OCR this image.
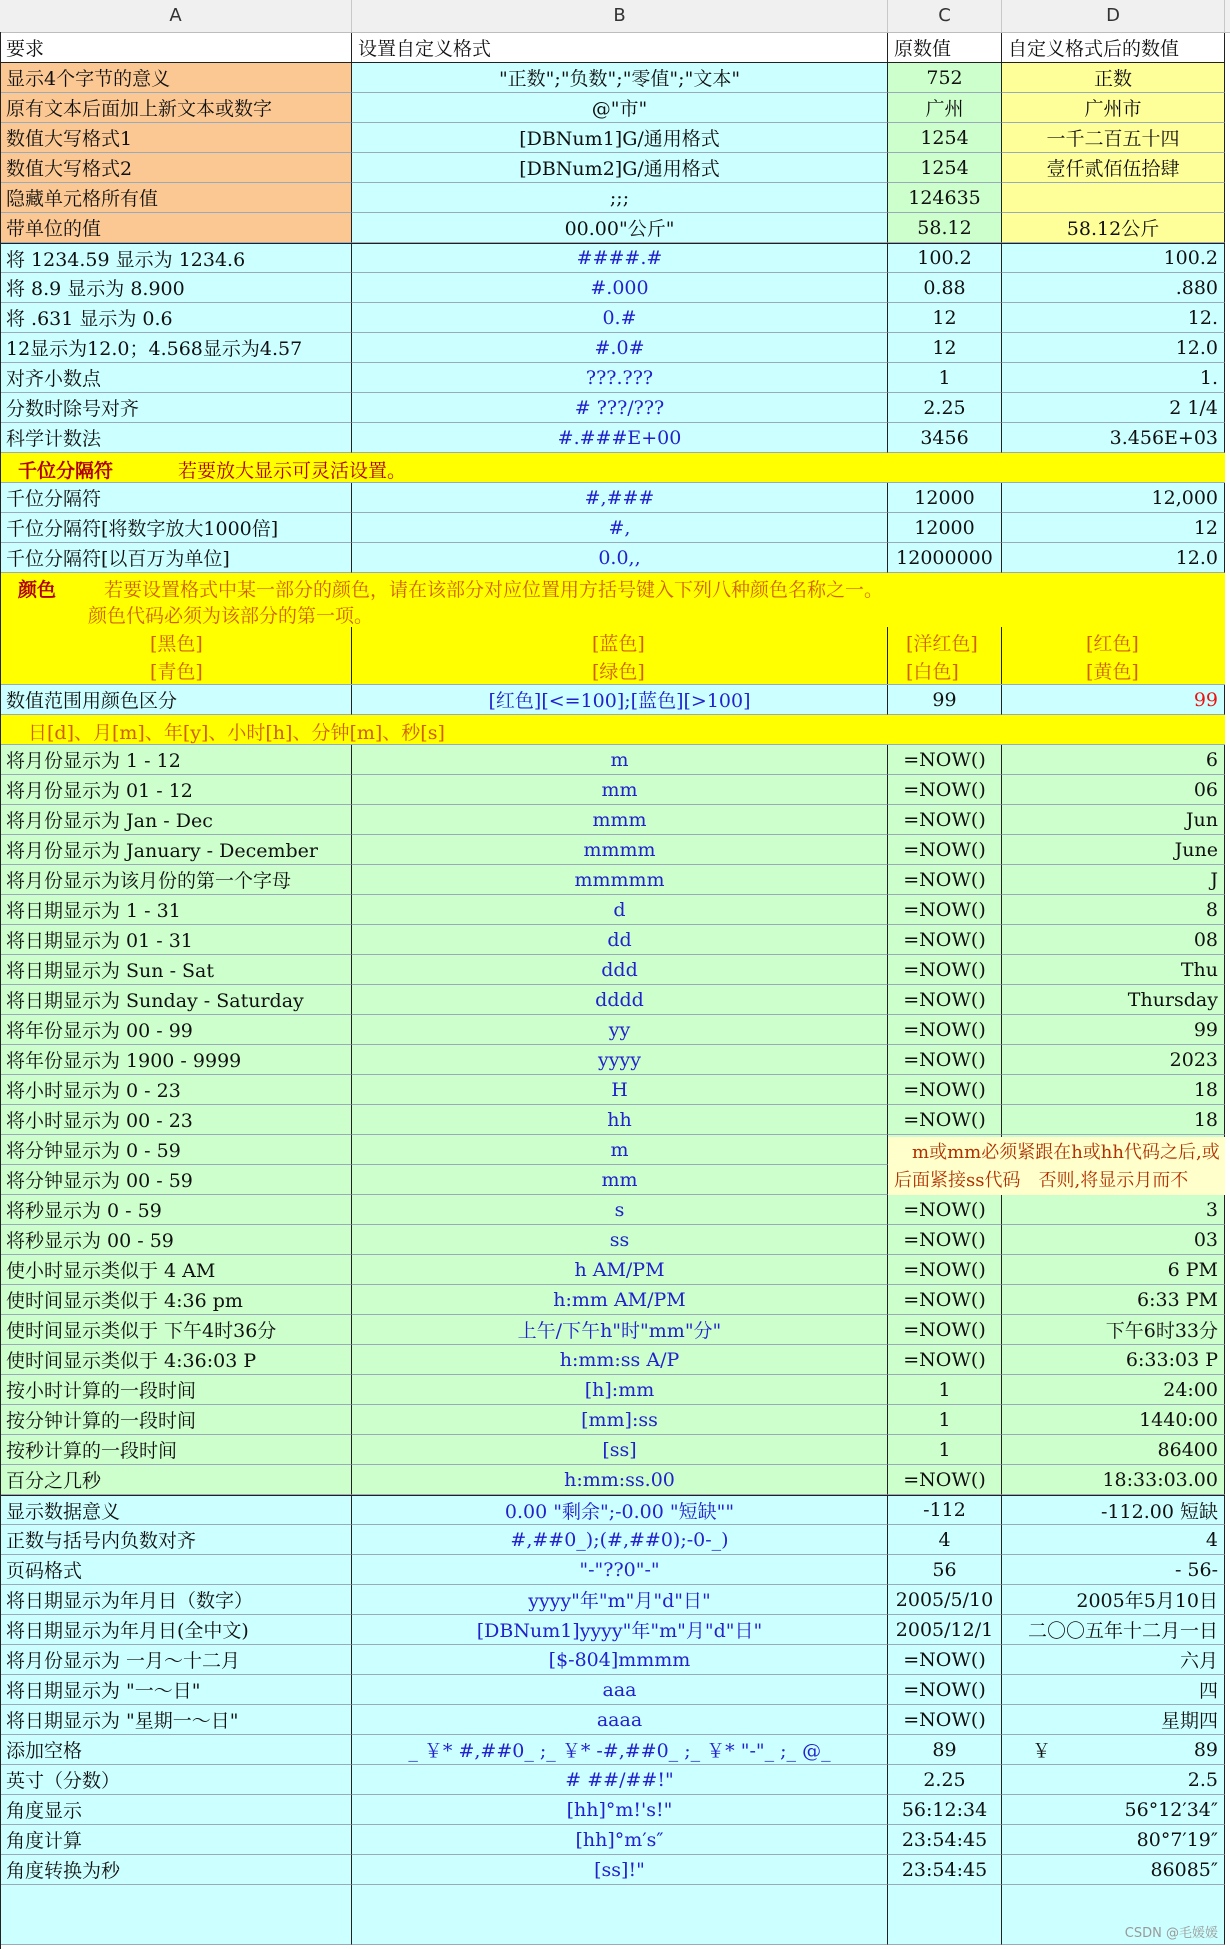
A	B	C	D
要求	设置自定义格式	原数值	自定义格式后的数值
显示4个字节的意义	"正数";"负数";"零值";"文本"	752	正数
原有文本后面加上新文本或数字	@"市"	广州	广州市
数值大写格式1	[DBNum1]G/通用格式	1254	一千二百五十四
数值大写格式2	[DBNum2]G/通用格式	1254	壹仟贰佰伍拾肆
隐藏单元格所有值	;;;	124635
带单位的值	00.00"公斤"	58.12	58.12公斤
将 1234.59 显示为 1234.6	####.#	100.2	100.2
将 8.9 显示为 8.900	#.000	0.88	.880
将 .631 显示为 0.6	0.#	12	12.
12显示为12.0；4.568显示为4.57	#.0#	12	12.0
对齐小数点	???.???	1	1.
分数时除号对齐	# ???/???	2.25	2 1/4
科学计数法	#.###E+00	3456	3.456E+03
千位分隔符	若要放大显示可灵活设置。
千位分隔符	#,###	12000	12,000
千位分隔符[将数字放大1000倍]	#,	12000	12
千位分隔符[以百万为单位]	0.0,,	12000000	12.0
颜色	若要设置格式中某一部分的颜色，请在该部分对应位置用方括号键入下列八种颜色名称之一。
颜色代码必须为该部分的第一项。
[黑色]	[蓝色]	[洋红色]	[红色]
[青色]	[绿色]	[白色]	[黄色]
数值范围用颜色区分	[红色][<=100];[蓝色][>100]	99	99
日[d]、月[m]、年[y]、小时[h]、分钟[m]、秒[s]
将月份显示为 1 - 12	m	=NOW()	6
将月份显示为 01 - 12	mm	=NOW()	06
将月份显示为 Jan - Dec	mmm	=NOW()	Jun
将月份显示为 January - December	mmmm	=NOW()	June
将月份显示为该月份的第一个字母	mmmmm	=NOW()	J
将日期显示为 1 - 31	d	=NOW()	8
将日期显示为 01 - 31	dd	=NOW()	08
将日期显示为 Sun - Sat	ddd	=NOW()	Thu
将日期显示为 Sunday - Saturday	dddd	=NOW()	Thursday
将年份显示为 00 - 99	yy	=NOW()	99
将年份显示为 1900 - 9999	yyyy	=NOW()	2023
将小时显示为 0 - 23	H	=NOW()	18
将小时显示为 00 - 23	hh	=NOW()	18
将分钟显示为 0 - 59	m
将分钟显示为 00 - 59	mm
将秒显示为 0 - 59	s	=NOW()	3
将秒显示为 00 - 59	ss	=NOW()	03
使小时显示类似于 4 AM	h AM/PM	=NOW()	6 PM
使时间显示类似于 4:36 pm	h:mm AM/PM	=NOW()	6:33 PM
使时间显示类似于 下午4时36分	上午/下午h"时"mm"分"	=NOW()	下午6时33分
使时间显示类似于 4:36:03 P	h:mm:ss A/P	=NOW()	6:33:03 P
按小时计算的一段时间	[h]:mm	1	24:00
按分钟计算的一段时间	[mm]:ss	1	1440:00
按秒计算的一段时间	[ss]	1	86400
百分之几秒	h:mm:ss.00	=NOW()	18:33:03.00
m或mm必须紧跟在h或hh代码之后,或
后面紧接ss代码　否则,将显示月而不
显示数据意义	0.00 "剩余";-0.00 "短缺""	-112	-112.00 短缺
正数与括号内负数对齐	#,##0_);(#,##0);-0-_)	4	4
页码格式	"-"??0"-"	56	- 56-
将日期显示为年月日（数字）	yyyy"年"m"月"d"日"	2005/5/10	2005年5月10日
将日期显示为年月日(全中文)	[DBNum1]yyyy"年"m"月"d"日"	2005/12/1	二〇〇五年十二月一日
将月份显示为 一月～十二月	[$-804]mmmm	=NOW()	六月
将日期显示为 "一～日"	aaa	=NOW()	四
将日期显示为 "星期一～日"	aaaa	=NOW()	星期四
添加空格	_ ￥* #,##0_ ;_ ￥* -#,##0_ ;_ ￥* "-"_ ;_ @_	89	￥	89
英寸（分数）	# ##/##!"	2.25	2.5
角度显示	[hh]°m!'s!"	56:12:34	56°12′34″
角度计算	[hh]°m′s″	23:54:45	80°7′19″
角度转换为秒	[ss]!"	23:54:45	86085″
CSDN @毛媛媛
